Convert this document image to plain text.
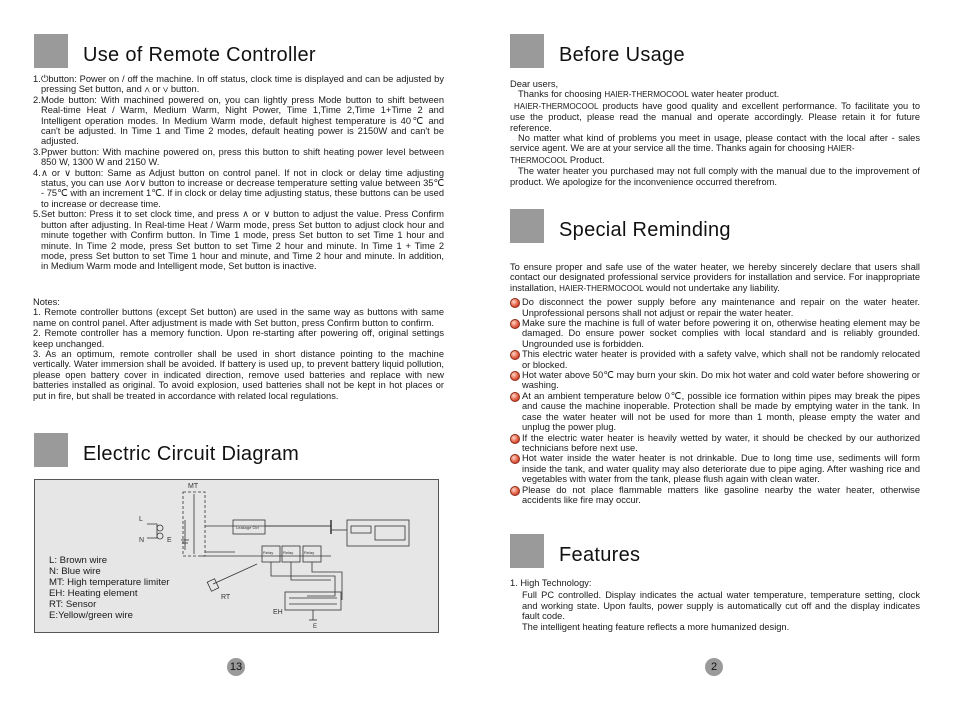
Use of Remote Controller
1. ⏻button: Power on / off the machine. In off status, clock time is displayed and can be adjusted by pressing Set button, and ∧ or ∨ button.
2. Mode button: With machined powered on, you can lightly press Mode button to shift between Real-time Heat / Warm, Medium Warm, Night Power, Time 1,Time 2,Time 1+Time 2 and Intelligent operation modes. In Medium Warm mode, default highest temperature is 40℃ and can't be adjusted. In Time 1 and Time 2 modes, default heating power is 2150W and can't be adjusted.
3. Ppwer button: With machine powered on, press this button to shift heating power level between 850 W, 1300 W and 2150 W.
4. ∧ or ∨ button: Same as Adjust button on control panel. If not in clock or delay time adjusting status, you can use ∧or∨ button to increase or decrease temperature setting value between 35℃ - 75℃ with an increment 1℃. If in clock or delay time adjusting status, these buttons can be used to increase or decrease time.
5. Set button: Press it to set clock time, and press ∧ or ∨ button to adjust the value. Press Confirm button after adjusting. In Real-time Heat / Warm mode, press Set button to adjust clock hour and minute together with Confirm button. In Time 1 mode, press Set button to set Time 1 hour and minute. In Time 2 mode, press Set button to set Time 2 hour and minute. In Time 1 + Time 2 mode, press Set button to set Time 1 hour and minute, and Time 2 hour and minute. In addition, in Medium Warm mode and Intelligent mode, Set button is inactive.

Notes:

1. Remote controller buttons (except Set button) are used in the same way as buttons with same name on control panel. After adjustment is made with Set button, press Confirm button to confirm.

2. Remote controller has a memory function. Upon re-starting after powering off, original settings keep unchanged.

3. As an optimum, remote controller shall be used in short distance pointing to the machine vertically. Water immersion shall be avoided. If battery is used up, to prevent battery liquid pollution, please open battery cover in indicated direction, remove used batteries and replace with new batteries installed as original. To avoid explosion, used batteries shall not be kept in hot places or put in fire, but shall be treated in accordance with related local regulations.

Electric Circuit Diagram
MT
L
N	E
RT
EH
E
Leakage Ctrl
Relay Relay	Relay
L: Brown wire
N: Blue wire
MT: High temperature limiter
EH: Heating element
RT: Sensor
E:Yellow/green wire
13
Before Usage

Dear users,

Thanks for choosing HAIER-THERMOCOOL water heater product.

HAIER-THERMOCOOL products have good quality and excellent performance. To facilitate you to use the product, please read the manual and operate accordingly. Please retain it for future reference.

No matter what kind of problems you meet in usage, please contact with the local after - sales service agent. We are at your service all the time. Thanks again for choosing HAIER-
THERMOCOOL Product.

The water heater you purchased may not full comply with the manual due to the improvement of product. We apologize for the inconvenience occurred therefrom.

Special Reminding

To ensure proper and safe use of the water heater, we hereby sincerely declare that users shall contact our designated professional service providers for installation and service. For inappropriate installation, HAIER-THERMOCOOL would not undertake any liability.

Do disconnect the power supply before any maintenance and repair on the water heater. Unprofessional persons shall not adjust or repair the water heater.
Make sure the machine is full of water before powering it on, otherwise heating element may be damaged. Do ensure power socket complies with local standard and is reliably grounded. Ungrounded use is forbidden.
This electric water heater is provided with a safety valve, which shall not be randomly relocated or blocked.
Hot water above 50℃ may burn your skin. Do mix hot water and cold water before showering or washing.
At an ambient temperature below 0℃, possible ice formation within pipes may break the pipes and cause the machine inoperable. Protection shall be made by emptying water in the tank. In case the water heater will not be used for more than 1 month, please empty the water and unplug the power plug.
If the electric water heater is heavily wetted by water, it should be checked by our authorized technicians before next use.
Hot water inside the water heater is not drinkable. Due to long time use, sediments will form inside the tank, and water quality may also deteriorate due to pipe aging. After washing rice and vegetables with water from the tank, please flush again with clean water.
Please do not place flammable matters like gasoline nearby the water heater, otherwise accidents like fire may occur.
Features

1. High Technology:

Full PC controlled. Display indicates the actual water temperature, temperature setting, clock and working state. Upon faults, power supply is automatically cut off and the display indicates fault code.

The intelligent heating feature reflects a more humanized design.

2
